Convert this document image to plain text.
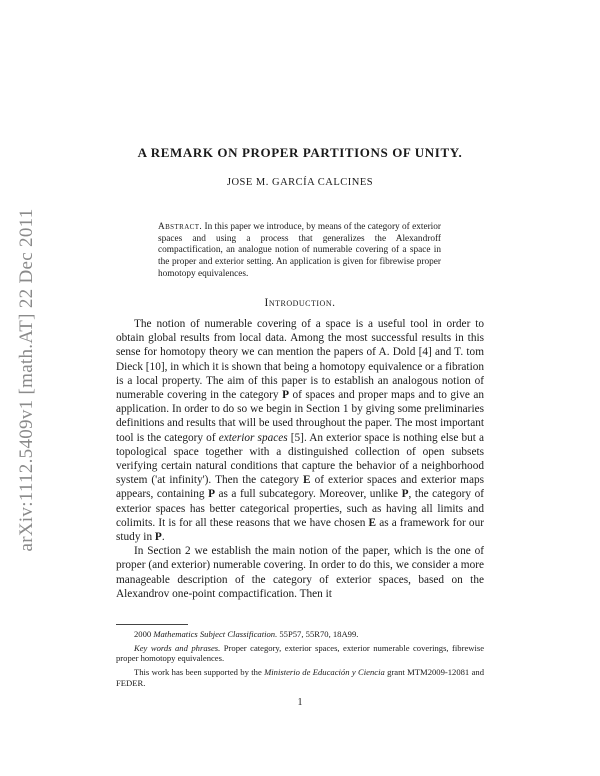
arXiv:1112.5409v1 [math.AT] 22 Dec 2011
A REMARK ON PROPER PARTITIONS OF UNITY.
JOSE M. GARCÍA CALCINES
Abstract. In this paper we introduce, by means of the category of exterior spaces and using a process that generalizes the Alexandroff compactification, an analogue notion of numerable covering of a space in the proper and exterior setting. An application is given for fibrewise proper homotopy equivalences.
Introduction.

The notion of numerable covering of a space is a useful tool in order to obtain global results from local data. Among the most successful results in this sense for homotopy theory we can mention the papers of A. Dold [4] and T. tom Dieck [10], in which it is shown that being a homotopy equivalence or a fibration is a local property. The aim of this paper is to establish an analogous notion of numerable covering in the category P of spaces and proper maps and to give an application. In order to do so we begin in Section 1 by giving some preliminaries definitions and results that will be used throughout the paper. The most important tool is the category of exterior spaces [5]. An exterior space is nothing else but a topological space together with a distinguished collection of open subsets verifying certain natural conditions that capture the behavior of a neighborhood system ('at infinity'). Then the category E of exterior spaces and exterior maps appears, containing P as a full subcategory. Moreover, unlike P, the category of exterior spaces has better categorical properties, such as having all limits and colimits. It is for all these reasons that we have chosen E as a framework for our study in P.

In Section 2 we establish the main notion of the paper, which is the one of proper (and exterior) numerable covering. In order to do this, we consider a more manageable description of the category of exterior spaces, based on the Alexandrov one-point compactification. Then it

2000 Mathematics Subject Classification. 55P57, 55R70, 18A99.

Key words and phrases. Proper category, exterior spaces, exterior numerable coverings, fibrewise proper homotopy equivalences.

This work has been supported by the Ministerio de Educación y Ciencia grant MTM2009-12081 and FEDER.

1
